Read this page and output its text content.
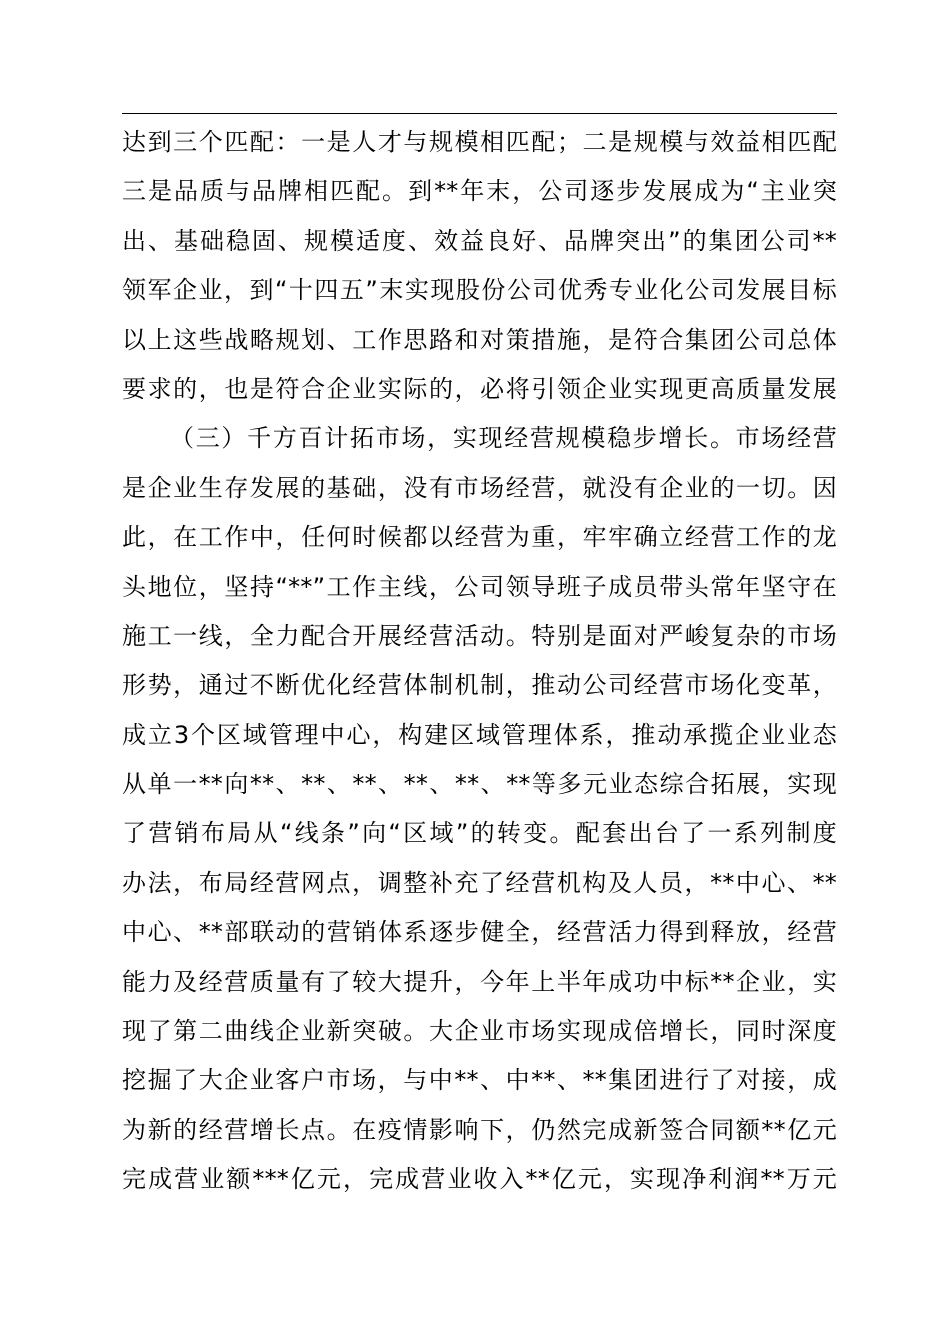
达到三个匹配：一是人才与规模相匹配；二是规模与效益相匹配
三是品质与品牌相匹配。到**年末，公司逐步发展成为“主业突
出、基础稳固、规模适度、效益良好、品牌突出”的集团公司**
领军企业，到“十四五”末实现股份公司优秀专业化公司发展目标
以上这些战略规划、工作思路和对策措施，是符合集团公司总体
要求的，也是符合企业实际的，必将引领企业实现更高质量发展
（三）千方百计拓市场，实现经营规模稳步增长。市场经营
是企业生存发展的基础，没有市场经营，就没有企业的一切。因
此，在工作中，任何时候都以经营为重，牢牢确立经营工作的龙
头地位，坚持“**”工作主线，公司领导班子成员带头常年坚守在
施工一线，全力配合开展经营活动。特别是面对严峻复杂的市场
形势，通过不断优化经营体制机制，推动公司经营市场化变革，
成立3个区域管理中心，构建区域管理体系，推动承揽企业业态
从单一**向**、**、**、**、**、**等多元业态综合拓展，实现
了营销布局从“线条”向“区域”的转变。配套出台了一系列制度
办法，布局经营网点，调整补充了经营机构及人员，**中心、**
中心、**部联动的营销体系逐步健全，经营活力得到释放，经营
能力及经营质量有了较大提升，今年上半年成功中标**企业，实
现了第二曲线企业新突破。大企业市场实现成倍增长，同时深度
挖掘了大企业客户市场，与中**、中**、**集团进行了对接，成
为新的经营增长点。在疫情影响下，仍然完成新签合同额**亿元
完成营业额***亿元，完成营业收入**亿元，实现净利润**万元
